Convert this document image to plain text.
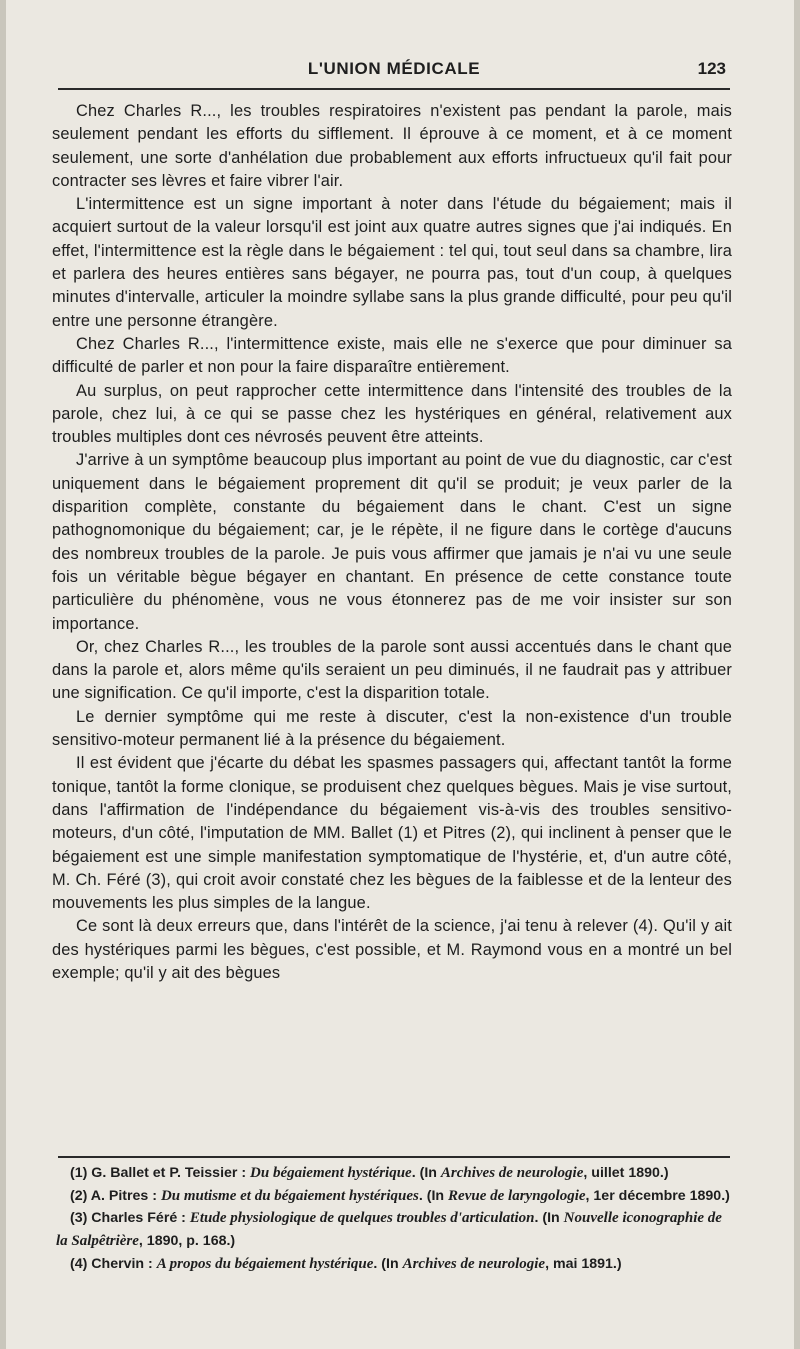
L'UNION MÉDICALE	123

Chez Charles R..., les troubles respiratoires n'existent pas pendant la parole, mais seulement pendant les efforts du sifflement. Il éprouve à ce moment, et à ce moment seulement, une sorte d'anhélation due probablement aux efforts infructueux qu'il fait pour contracter ses lèvres et faire vibrer l'air.

L'intermittence est un signe important à noter dans l'étude du bégaiement; mais il acquiert surtout de la valeur lorsqu'il est joint aux quatre autres signes que j'ai indiqués. En effet, l'intermittence est la règle dans le bégaiement : tel qui, tout seul dans sa chambre, lira et parlera des heures entières sans bégayer, ne pourra pas, tout d'un coup, à quelques minutes d'intervalle, articuler la moindre syllabe sans la plus grande difficulté, pour peu qu'il entre une personne étrangère.

Chez Charles R..., l'intermittence existe, mais elle ne s'exerce que pour diminuer sa difficulté de parler et non pour la faire disparaître entièrement.

Au surplus, on peut rapprocher cette intermittence dans l'intensité des troubles de la parole, chez lui, à ce qui se passe chez les hystériques en général, relativement aux troubles multiples dont ces névrosés peuvent être atteints.

J'arrive à un symptôme beaucoup plus important au point de vue du diagnostic, car c'est uniquement dans le bégaiement proprement dit qu'il se produit; je veux parler de la disparition complète, constante du bégaiement dans le chant. C'est un signe pathognomonique du bégaiement; car, je le répète, il ne figure dans le cortège d'aucuns des nombreux troubles de la parole. Je puis vous affirmer que jamais je n'ai vu une seule fois un véritable bègue bégayer en chantant. En présence de cette constance toute particulière du phénomène, vous ne vous étonnerez pas de me voir insister sur son importance.

Or, chez Charles R..., les troubles de la parole sont aussi accentués dans le chant que dans la parole et, alors même qu'ils seraient un peu diminués, il ne faudrait pas y attribuer une signification. Ce qu'il importe, c'est la disparition totale.

Le dernier symptôme qui me reste à discuter, c'est la non-existence d'un trouble sensitivo-moteur permanent lié à la présence du bégaiement.

Il est évident que j'écarte du débat les spasmes passagers qui, affectant tantôt la forme tonique, tantôt la forme clonique, se produisent chez quelques bègues. Mais je vise surtout, dans l'affirmation de l'indépendance du bégaiement vis-à-vis des troubles sensitivo-moteurs, d'un côté, l'imputation de MM. Ballet (1) et Pitres (2), qui inclinent à penser que le bégaiement est une simple manifestation symptomatique de l'hystérie, et, d'un autre côté, M. Ch. Féré (3), qui croit avoir constaté chez les bègues de la faiblesse et de la lenteur des mouvements les plus simples de la langue.

Ce sont là deux erreurs que, dans l'intérêt de la science, j'ai tenu à relever (4). Qu'il y ait des hystériques parmi les bègues, c'est possible, et M. Raymond vous en a montré un bel exemple; qu'il y ait des bègues

(1) G. Ballet et P. Teissier : Du bégaiement hystérique. (In Archives de neurologie, uillet 1890.)

(2) A. Pitres : Du mutisme et du bégaiement hystériques. (In Revue de laryngologie, 1er décembre 1890.)

(3) Charles Féré : Etude physiologique de quelques troubles d'articulation. (In Nouvelle iconographie de la Salpêtrière, 1890, p. 168.)

(4) Chervin : A propos du bégaiement hystérique. (In Archives de neurologie, mai 1891.)
